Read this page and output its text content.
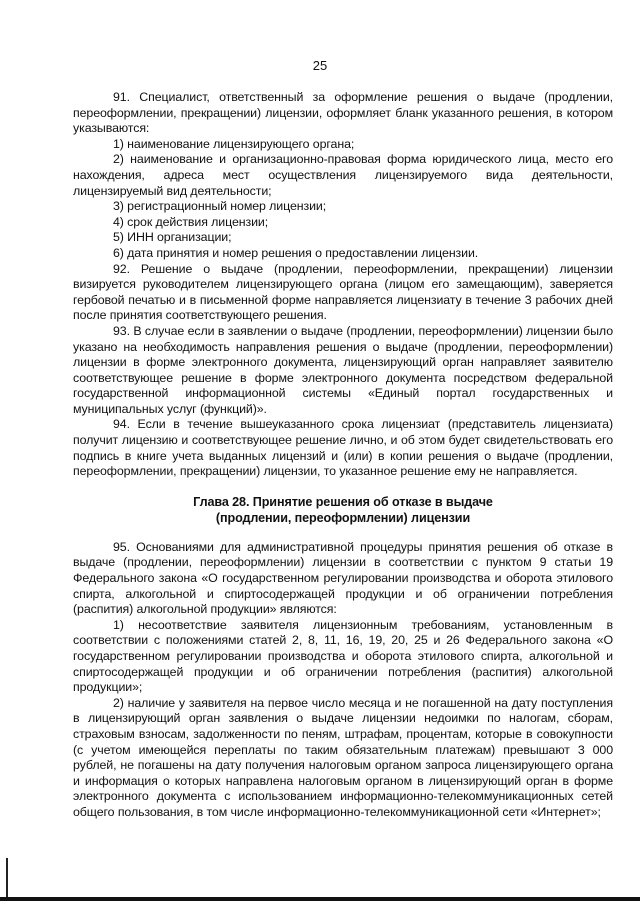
25

91. Специалист, ответственный за оформление решения о выдаче (продлении, переоформлении, прекращении) лицензии, оформляет бланк указанного решения, в котором указываются:

1) наименование лицензирующего органа;

2) наименование и организационно-правовая форма юридического лица, место его нахождения, адреса мест осуществления лицензируемого вида деятельности, лицензируемый вид деятельности;

3) регистрационный номер лицензии;

4) срок действия лицензии;

5) ИНН организации;

6) дата принятия и номер решения о предоставлении лицензии.

92. Решение о выдаче (продлении, переоформлении, прекращении) лицензии визируется руководителем лицензирующего органа (лицом его замещающим), заверяется гербовой печатью и в письменной форме направляется лицензиату в течение 3 рабочих дней после принятия соответствующего решения.

93. В случае если в заявлении о выдаче (продлении, переоформлении) лицензии было указано на необходимость направления решения о выдаче (продлении, переоформлении) лицензии в форме электронного документа, лицензирующий орган направляет заявителю соответствующее решение в форме электронного документа посредством федеральной государственной информационной системы «Единый портал государственных и муниципальных услуг (функций)».

94. Если в течение вышеуказанного срока лицензиат (представитель лицензиата) получит лицензию и соответствующее решение лично, и об этом будет свидетельствовать его подпись в книге учета выданных лицензий и (или) в копии решения о выдаче (продлении, переоформлении, прекращении) лицензии, то указанное решение ему не направляется.

Глава 28. Принятие решения об отказе в выдаче
(продлении, переоформлении) лицензии

95. Основаниями для административной процедуры принятия решения об отказе в выдаче (продлении, переоформлении) лицензии в соответствии с пунктом 9 статьи 19 Федерального закона «О государственном регулировании производства и оборота этилового спирта, алкогольной и спиртосодержащей продукции и об ограничении потребления (распития) алкогольной продукции» являются:

1) несоответствие заявителя лицензионным требованиям, установленным в соответствии с положениями статей 2, 8, 11, 16, 19, 20, 25 и 26 Федерального закона «О государственном регулировании производства и оборота этилового спирта, алкогольной и спиртосодержащей продукции и об ограничении потребления (распития) алкогольной продукции»;

2) наличие у заявителя на первое число месяца и не погашенной на дату поступления в лицензирующий орган заявления о выдаче лицензии недоимки по налогам, сборам, страховым взносам, задолженности по пеням, штрафам, процентам, которые в совокупности (с учетом имеющейся переплаты по таким обязательным платежам) превышают 3 000 рублей, не погашены на дату получения налоговым органом запроса лицензирующего органа и информация о которых направлена налоговым органом в лицензирующий орган в форме электронного документа с использованием информационно-телекоммуникационных сетей общего пользования, в том числе информационно-телекоммуникационной сети «Интернет»;
